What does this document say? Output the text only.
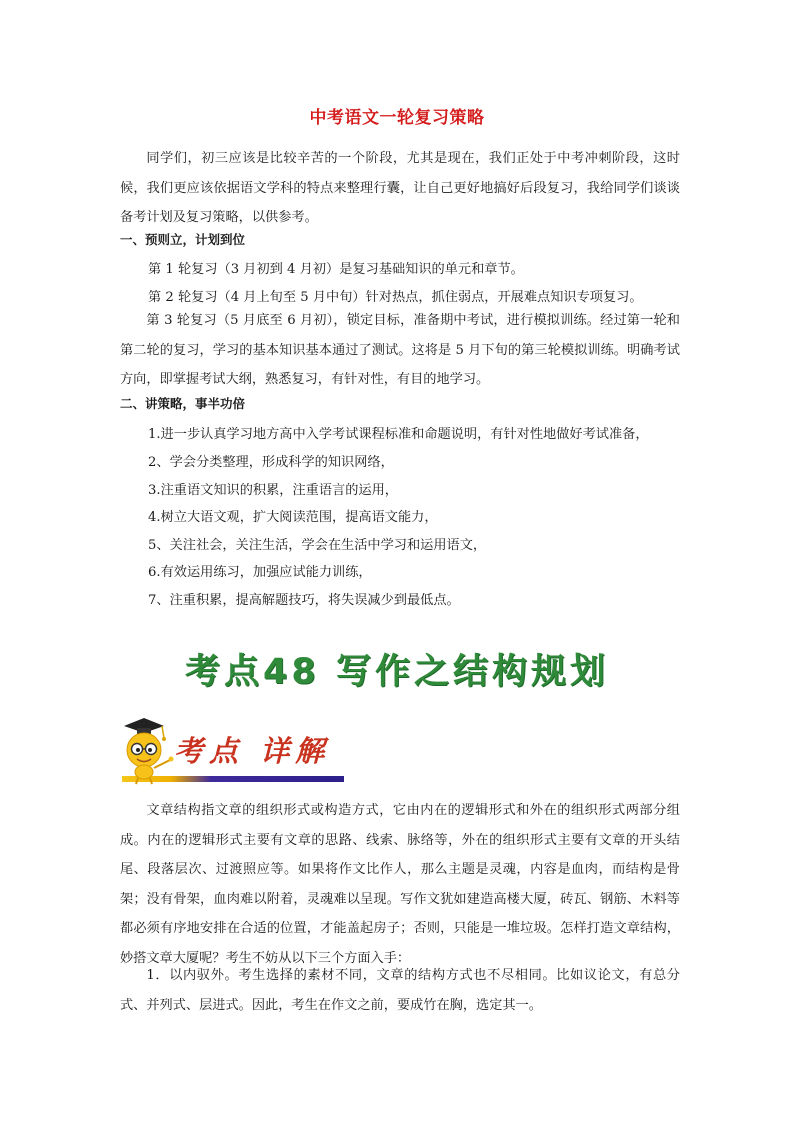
中考语文一轮复习策略
同学们，初三应该是比较辛苦的一个阶段，尤其是现在，我们正处于中考冲刺阶段，这时候，我们更应该依据语文学科的特点来整理行囊，让自己更好地搞好后段复习，我给同学们谈谈备考计划及复习策略，以供参考。
一、预则立，计划到位
第 1 轮复习（3 月初到 4 月初）是复习基础知识的单元和章节。
第 2 轮复习（4 月上旬至 5 月中旬）针对热点，抓住弱点，开展难点知识专项复习。
第 3 轮复习（5 月底至 6 月初），锁定目标，准备期中考试，进行模拟训练。经过第一轮和第二轮的复习，学习的基本知识基本通过了测试。这将是 5 月下旬的第三轮模拟训练。明确考试方向，即掌握考试大纲，熟悉复习，有针对性，有目的地学习。
二、讲策略，事半功倍
1.进一步认真学习地方高中入学考试课程标准和命题说明，有针对性地做好考试准备，
2、学会分类整理，形成科学的知识网络，
3.注重语文知识的积累，注重语言的运用，
4.树立大语文观，扩大阅读范围，提高语文能力，
5、关注社会，关注生活，学会在生活中学习和运用语文，
6.有效运用练习，加强应试能力训练，
7、注重积累，提高解题技巧，将失误减少到最低点。
考点48 写作之结构规划
考点 详解
文章结构指文章的组织形式或构造方式，它由内在的逻辑形式和外在的组织形式两部分组成。内在的逻辑形式主要有文章的思路、线索、脉络等，外在的组织形式主要有文章的开头结尾、段落层次、过渡照应等。如果将作文比作人，那么主题是灵魂，内容是血肉，而结构是骨架；没有骨架，血肉难以附着，灵魂难以呈现。写作文犹如建造高楼大厦，砖瓦、钢筋、木料等都必须有序地安排在合适的位置，才能盖起房子；否则，只能是一堆垃圾。怎样打造文章结构，妙搭文章大厦呢？考生不妨从以下三个方面入手：
1．以内驭外。考生选择的素材不同，文章的结构方式也不尽相同。比如议论文，有总分式、并列式、层进式。因此，考生在作文之前，要成竹在胸，选定其一。
